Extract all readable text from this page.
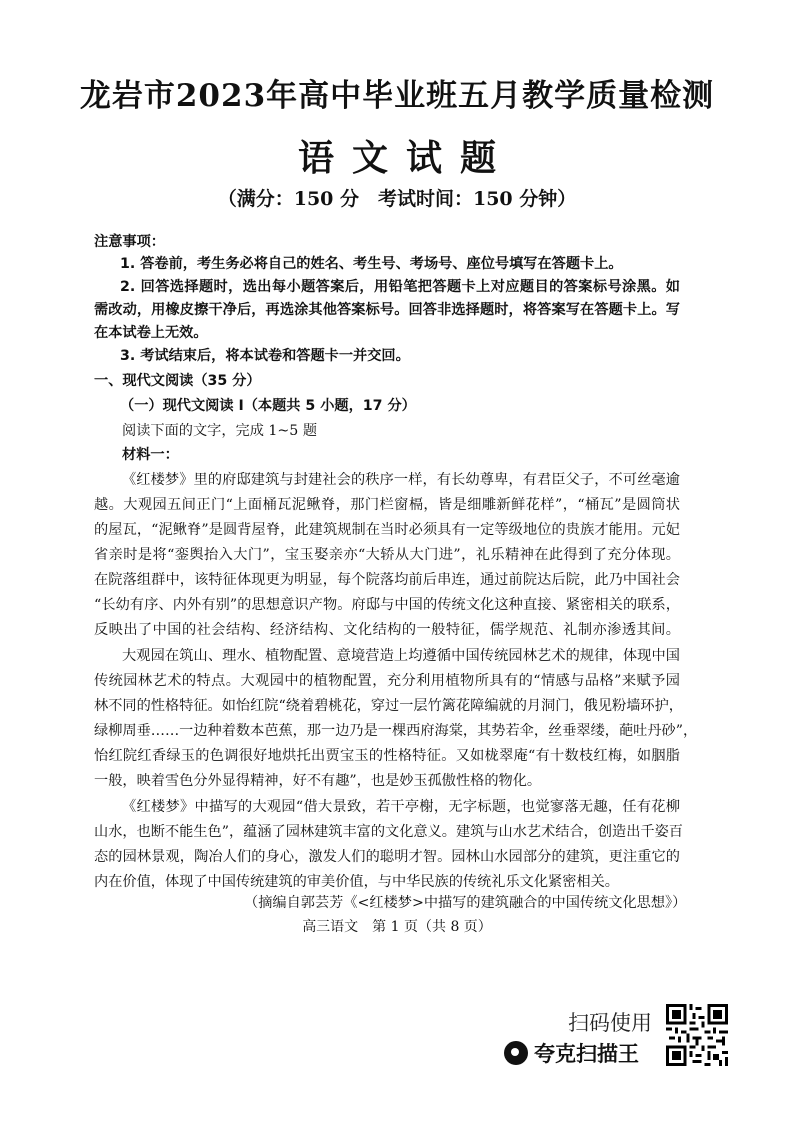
龙岩市2023年高中毕业班五月教学质量检测
语文试题
（满分：150 分　考试时间：150 分钟）
注意事项：
1. 答卷前，考生务必将自己的姓名、考生号、考场号、座位号填写在答题卡上。
2. 回答选择题时，选出每小题答案后，用铅笔把答题卡上对应题目的答案标号涂黑。如
需改动，用橡皮擦干净后，再选涂其他答案标号。回答非选择题时，将答案写在答题卡上。写
在本试卷上无效。
3. 考试结束后，将本试卷和答题卡一并交回。
一、现代文阅读（35 分）
（一）现代文阅读 I（本题共 5 小题，17 分）
阅读下面的文字，完成 1~5 题
材料一：
《红楼梦》里的府邸建筑与封建社会的秩序一样，有长幼尊卑，有君臣父子，不可丝毫逾
越。大观园五间正门“上面桶瓦泥鳅脊，那门栏窗槅，皆是细雕新鲜花样”，“桶瓦”是圆筒状
的屋瓦，“泥鳅脊”是圆背屋脊，此建筑规制在当时必须具有一定等级地位的贵族才能用。元妃
省亲时是将“銮舆抬入大门”，宝玉娶亲亦“大轿从大门进”，礼乐精神在此得到了充分体现。
在院落组群中，该特征体现更为明显，每个院落均前后串连，通过前院达后院，此乃中国社会
“长幼有序、内外有别”的思想意识产物。府邸与中国的传统文化这种直接、紧密相关的联系，
反映出了中国的社会结构、经济结构、文化结构的一般特征，儒学规范、礼制亦渗透其间。
大观园在筑山、理水、植物配置、意境营造上均遵循中国传统园林艺术的规律，体现中国
传统园林艺术的特点。大观园中的植物配置，充分利用植物所具有的“情感与品格”来赋予园
林不同的性格特征。如怡红院“绕着碧桃花，穿过一层竹篱花障编就的月洞门，俄见粉墙环护，
绿柳周垂……一边种着数本芭蕉，那一边乃是一棵西府海棠，其势若伞，丝垂翠缕，葩吐丹砂”，
怡红院红香绿玉的色调很好地烘托出贾宝玉的性格特征。又如栊翠庵“有十数枝红梅，如胭脂
一般，映着雪色分外显得精神，好不有趣”，也是妙玉孤傲性格的物化。
《红楼梦》中描写的大观园“借大景致，若干亭榭，无字标题，也觉寥落无趣，任有花柳
山水，也断不能生色”，蕴涵了园林建筑丰富的文化意义。建筑与山水艺术结合，创造出千姿百
态的园林景观，陶冶人们的身心，激发人们的聪明才智。园林山水园部分的建筑，更注重它的
内在价值，体现了中国传统建筑的审美价值，与中华民族的传统礼乐文化紧密相关。
（摘编自郭芸芳《<红楼梦>中描写的建筑融合的中国传统文化思想》）
高三语文　第 1 页（共 8 页）
扫码使用
夸克扫描王
